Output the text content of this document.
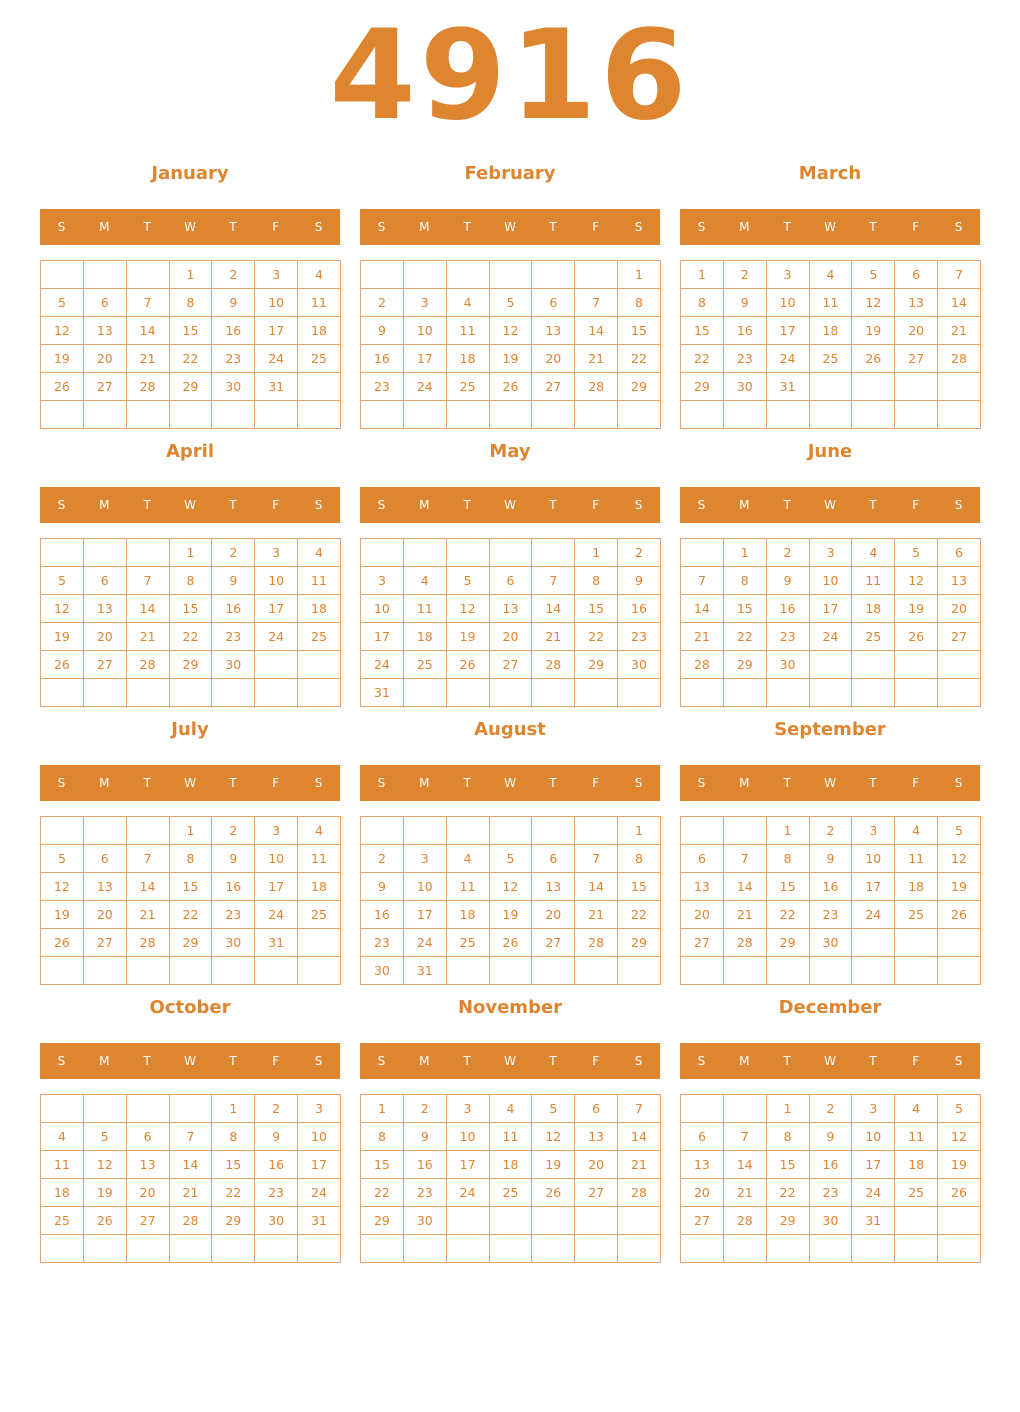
4916
January
S	M	T	W	T	F	S
			1	2	3	4
5	6	7	8	9	10	11
12	13	14	15	16	17	18
19	20	21	22	23	24	25
26	27	28	29	30	31	

February
S	M	T	W	T	F	S
						1
2	3	4	5	6	7	8
9	10	11	12	13	14	15
16	17	18	19	20	21	22
23	24	25	26	27	28	29

March
S	M	T	W	T	F	S
1	2	3	4	5	6	7
8	9	10	11	12	13	14
15	16	17	18	19	20	21
22	23	24	25	26	27	28
29	30	31				

April
S	M	T	W	T	F	S
			1	2	3	4
5	6	7	8	9	10	11
12	13	14	15	16	17	18
19	20	21	22	23	24	25
26	27	28	29	30		

May
S	M	T	W	T	F	S
					1	2
3	4	5	6	7	8	9
10	11	12	13	14	15	16
17	18	19	20	21	22	23
24	25	26	27	28	29	30
31						
June
S	M	T	W	T	F	S
	1	2	3	4	5	6
7	8	9	10	11	12	13
14	15	16	17	18	19	20
21	22	23	24	25	26	27
28	29	30				

July
S	M	T	W	T	F	S
			1	2	3	4
5	6	7	8	9	10	11
12	13	14	15	16	17	18
19	20	21	22	23	24	25
26	27	28	29	30	31	

August
S	M	T	W	T	F	S
						1
2	3	4	5	6	7	8
9	10	11	12	13	14	15
16	17	18	19	20	21	22
23	24	25	26	27	28	29
30	31					
September
S	M	T	W	T	F	S
		1	2	3	4	5
6	7	8	9	10	11	12
13	14	15	16	17	18	19
20	21	22	23	24	25	26
27	28	29	30			

October
S	M	T	W	T	F	S
				1	2	3
4	5	6	7	8	9	10
11	12	13	14	15	16	17
18	19	20	21	22	23	24
25	26	27	28	29	30	31

November
S	M	T	W	T	F	S
1	2	3	4	5	6	7
8	9	10	11	12	13	14
15	16	17	18	19	20	21
22	23	24	25	26	27	28
29	30					

December
S	M	T	W	T	F	S
		1	2	3	4	5
6	7	8	9	10	11	12
13	14	15	16	17	18	19
20	21	22	23	24	25	26
27	28	29	30	31		
